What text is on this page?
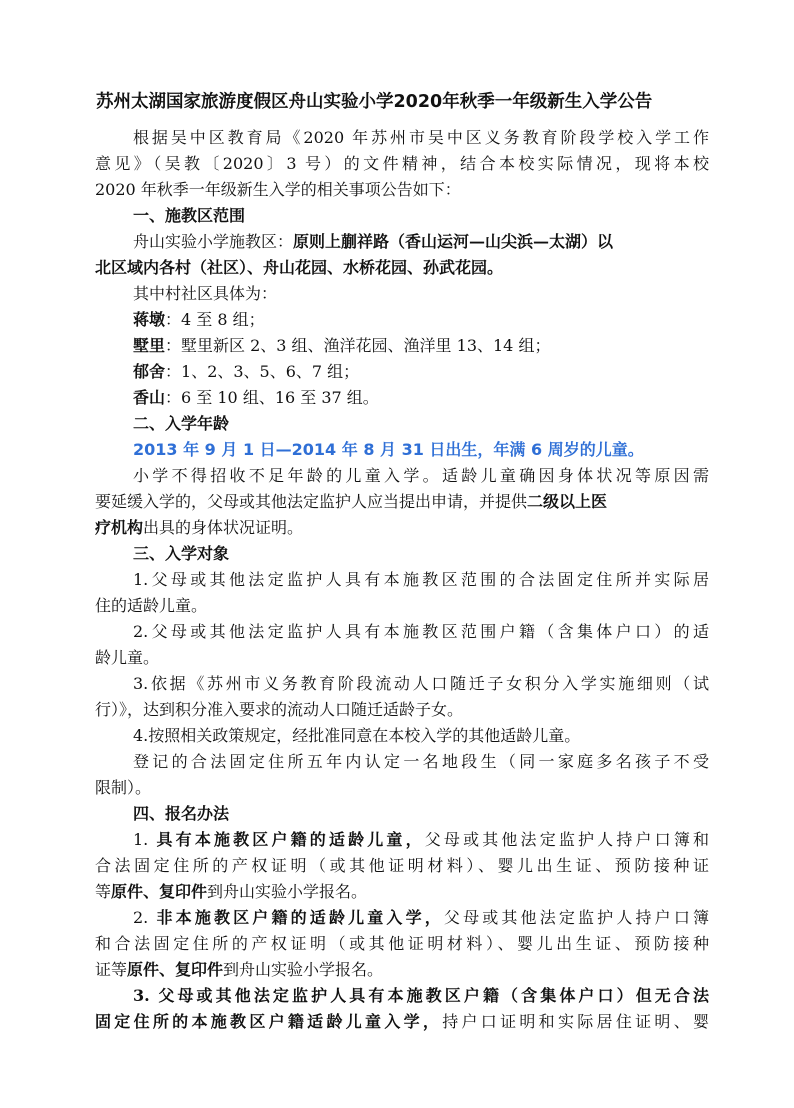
苏州太湖国家旅游度假区舟山实验小学2020年秋季一年级新生入学公告
根据吴中区教育局《2020 年苏州市吴中区义务教育阶段学校入学工作
意见》（吴教〔2020〕3 号）的文件精神，结合本校实际情况，现将本校
2020 年秋季一年级新生入学的相关事项公告如下：
一、施教区范围
舟山实验小学施教区：原则上蒯祥路（香山运河—山尖浜—太湖）以
北区域内各村（社区）、舟山花园、水桥花园、孙武花园。
其中村社区具体为：
蒋墩：4 至 8 组；
墅里：墅里新区 2、3 组、渔洋花园、渔洋里 13、14 组；
郁舍：1、2、3、5、6、7 组；
香山：6 至 10 组、16 至 37 组。
二、入学年龄
2013 年 9 月 1 日—2014 年 8 月 31 日出生，年满 6 周岁的儿童。
小学不得招收不足年龄的儿童入学。适龄儿童确因身体状况等原因需
要延缓入学的，父母或其他法定监护人应当提出申请，并提供二级以上医
疗机构出具的身体状况证明。
三、入学对象
1.父母或其他法定监护人具有本施教区范围的合法固定住所并实际居
住的适龄儿童。
2.父母或其他法定监护人具有本施教区范围户籍（含集体户口）的适
龄儿童。
3.依据《苏州市义务教育阶段流动人口随迁子女积分入学实施细则（试
行）》，达到积分准入要求的流动人口随迁适龄子女。
4.按照相关政策规定，经批准同意在本校入学的其他适龄儿童。
登记的合法固定住所五年内认定一名地段生（同一家庭多名孩子不受
限制）。
四、报名办法
1. 具有本施教区户籍的适龄儿童，父母或其他法定监护人持户口簿和
合法固定住所的产权证明（或其他证明材料）、婴儿出生证、预防接种证
等原件、复印件到舟山实验小学报名。
2. 非本施教区户籍的适龄儿童入学，父母或其他法定监护人持户口簿
和合法固定住所的产权证明（或其他证明材料）、婴儿出生证、预防接种
证等原件、复印件到舟山实验小学报名。
3. 父母或其他法定监护人具有本施教区户籍（含集体户口）但无合法
固定住所的本施教区户籍适龄儿童入学，持户口证明和实际居住证明、婴
